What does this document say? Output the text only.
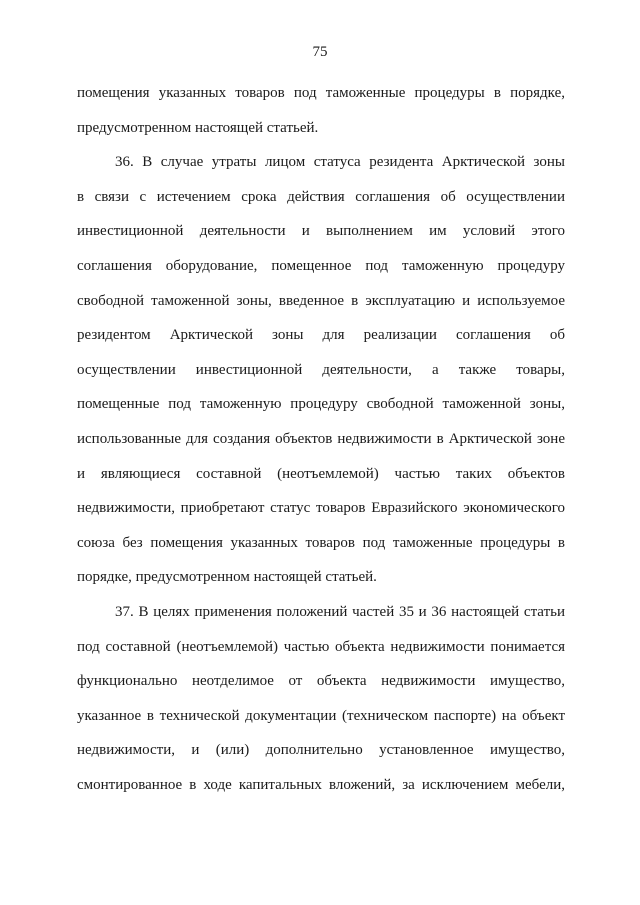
75
помещения указанных товаров под таможенные процедуры в порядке,
предусмотренном настоящей статьей.
36. В случае утраты лицом статуса резидента Арктической зоны
в связи с истечением срока действия соглашения об осуществлении
инвестиционной деятельности и выполнением им условий этого
соглашения оборудование, помещенное под таможенную процедуру
свободной таможенной зоны, введенное в эксплуатацию и используемое
резидентом Арктической зоны для реализации соглашения об
осуществлении инвестиционной деятельности, а также товары,
помещенные под таможенную процедуру свободной таможенной зоны,
использованные для создания объектов недвижимости в Арктической зоне
и являющиеся составной (неотъемлемой) частью таких объектов
недвижимости, приобретают статус товаров Евразийского экономического
союза без помещения указанных товаров под таможенные процедуры в
порядке, предусмотренном настоящей статьей.
37. В целях применения положений частей 35 и 36 настоящей статьи
под составной (неотъемлемой) частью объекта недвижимости понимается
функционально неотделимое от объекта недвижимости имущество,
указанное в технической документации (техническом паспорте) на объект
недвижимости, и (или) дополнительно установленное имущество,
смонтированное в ходе капитальных вложений, за исключением мебели,
